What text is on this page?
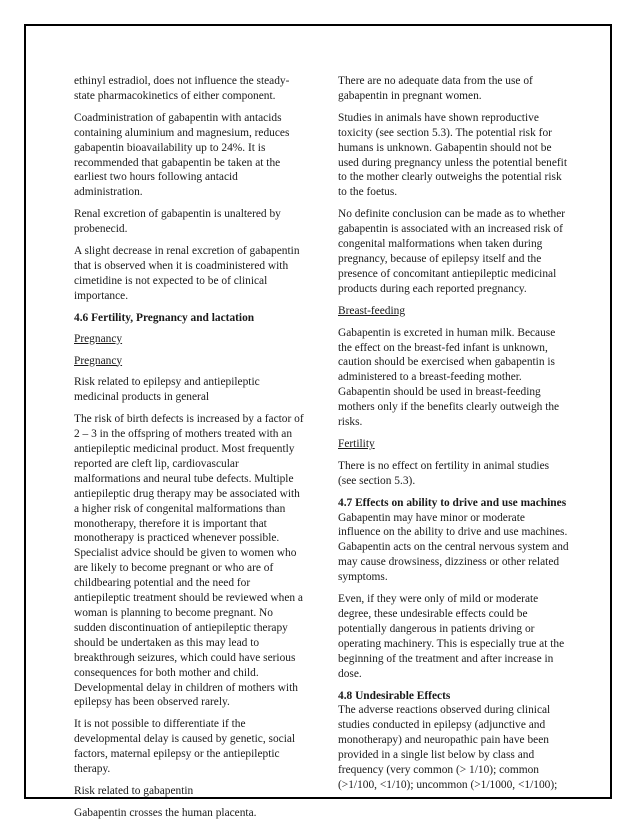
ethinyl estradiol, does not influence the steady-state pharmacokinetics of either component.

Coadministration of gabapentin with antacids containing aluminium and magnesium, reduces gabapentin bioavailability up to 24%. It is recommended that gabapentin be taken at the earliest two hours following antacid administration.

Renal excretion of gabapentin is unaltered by probenecid.

A slight decrease in renal excretion of gabapentin that is observed when it is coadministered with cimetidine is not expected to be of clinical importance.

4.6 Fertility, Pregnancy and lactation

Pregnancy

Pregnancy

Risk related to epilepsy and antiepileptic medicinal products in general

The risk of birth defects is increased by a factor of 2 – 3 in the offspring of mothers treated with an antiepileptic medicinal product. Most frequently reported are cleft lip, cardiovascular malformations and neural tube defects. Multiple antiepileptic drug therapy may be associated with a higher risk of congenital malformations than monotherapy, therefore it is important that monotherapy is practiced whenever possible. Specialist advice should be given to women who are likely to become pregnant or who are of childbearing potential and the need for antiepileptic treatment should be reviewed when a woman is planning to become pregnant. No sudden discontinuation of antiepileptic therapy should be undertaken as this may lead to breakthrough seizures, which could have serious consequences for both mother and child. Developmental delay in children of mothers with epilepsy has been observed rarely.

It is not possible to differentiate if the developmental delay is caused by genetic, social factors, maternal epilepsy or the antiepileptic therapy.

Risk related to gabapentin

Gabapentin crosses the human placenta.

There are no adequate data from the use of gabapentin in pregnant women.

Studies in animals have shown reproductive toxicity (see section 5.3). The potential risk for humans is unknown. Gabapentin should not be used during pregnancy unless the potential benefit to the mother clearly outweighs the potential risk to the foetus.

No definite conclusion can be made as to whether gabapentin is associated with an increased risk of congenital malformations when taken during pregnancy, because of epilepsy itself and the presence of concomitant antiepileptic medicinal products during each reported pregnancy.

Breast-feeding

Gabapentin is excreted in human milk. Because the effect on the breast-fed infant is unknown, caution should be exercised when gabapentin is administered to a breast-feeding mother. Gabapentin should be used in breast-feeding mothers only if the benefits clearly outweigh the risks.

Fertility

There is no effect on fertility in animal studies (see section 5.3).

4.7 Effects on ability to drive and use machines

Gabapentin may have minor or moderate influence on the ability to drive and use machines. Gabapentin acts on the central nervous system and may cause drowsiness, dizziness or other related symptoms.

Even, if they were only of mild or moderate degree, these undesirable effects could be potentially dangerous in patients driving or operating machinery. This is especially true at the beginning of the treatment and after increase in dose.

4.8 Undesirable Effects

The adverse reactions observed during clinical studies conducted in epilepsy (adjunctive and monotherapy) and neuropathic pain have been provided in a single list below by class and frequency (very common (> 1/10); common (>1/100, <1/10); uncommon (>1/1000, <1/100);
